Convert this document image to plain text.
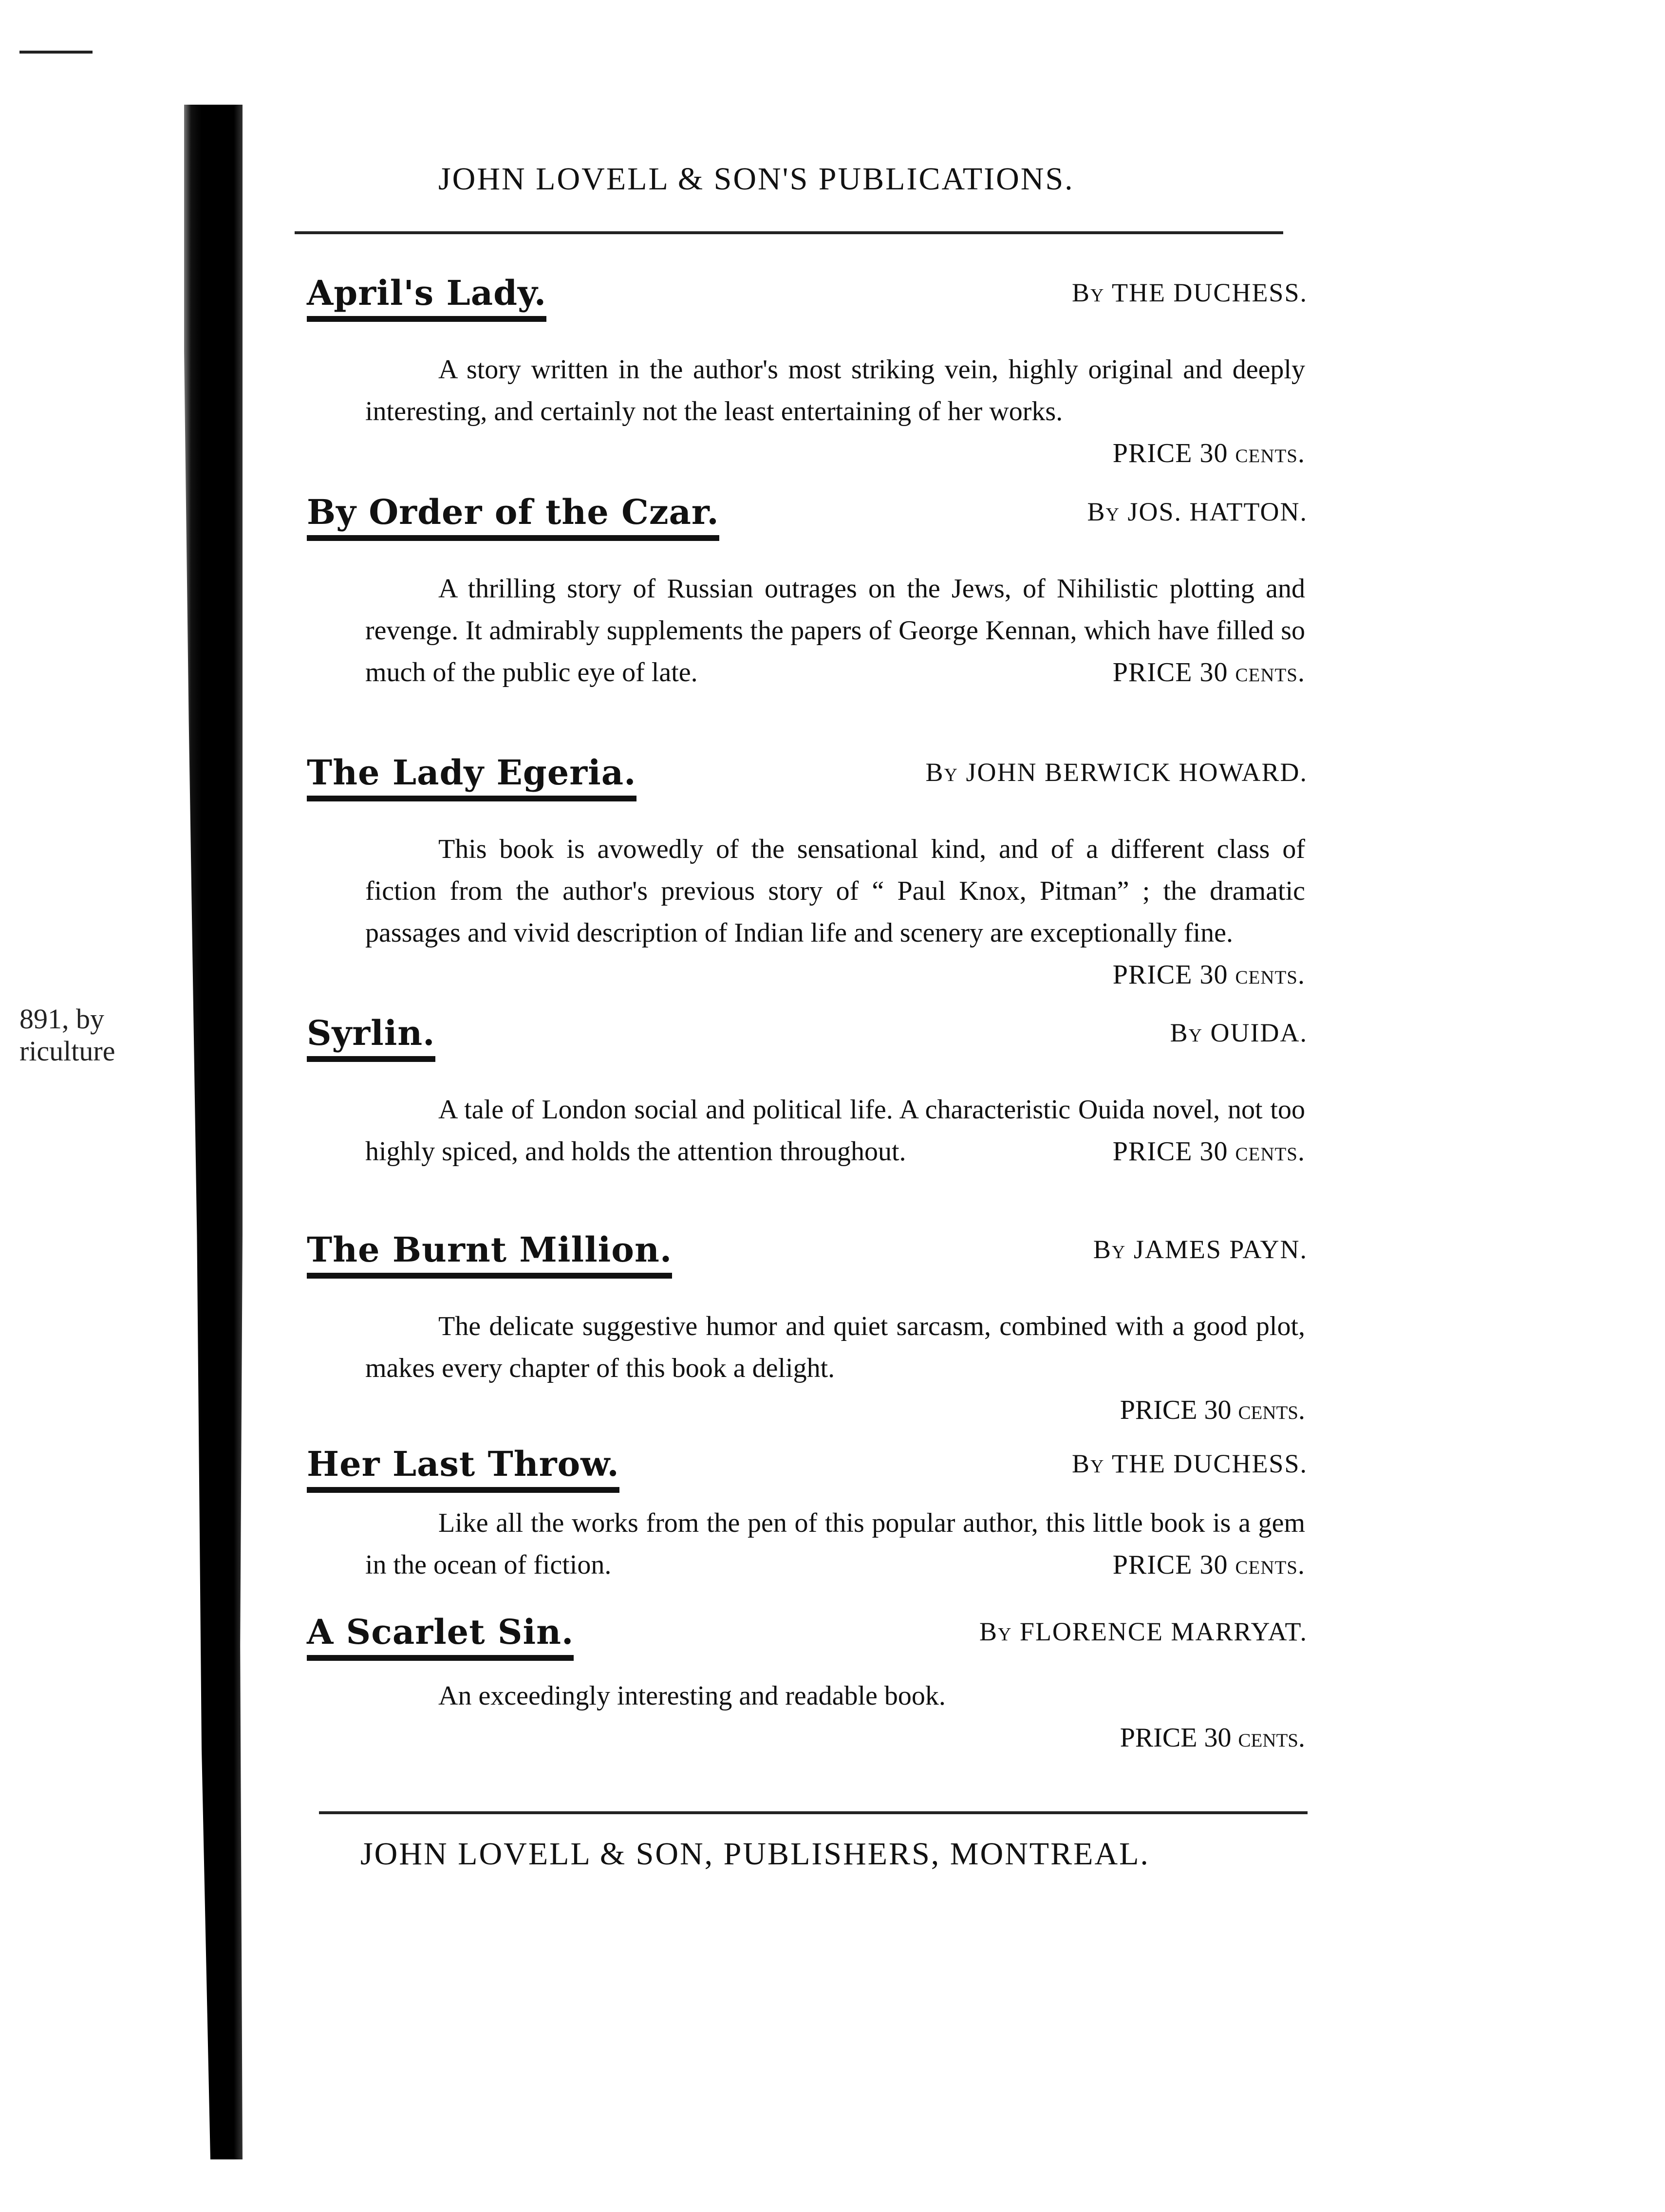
891, by
riculture
JOHN LOVELL & SON'S PUBLICATIONS.
April's Lady.	By THE DUCHESS.
A story written in the author's most striking vein, highly original and deeply interesting, and certainly not the least entertaining of her works.
PRICE 30 cents.
By Order of the Czar.	By JOS. HATTON.
A thrilling story of Russian outrages on the Jews, of Nihilistic plotting and revenge. It admirably supplements the papers of George Kennan, which have filled so much of the public eye of late.	PRICE 30 cents.
The Lady Egeria.	By JOHN BERWICK HOWARD.
This book is avowedly of the sensational kind, and of a different class of fiction from the author's previous story of “ Paul Knox, Pitman” ; the dramatic passages and vivid description of Indian life and scenery are exceptionally fine.
PRICE 30 cents.
Syrlin.	By OUIDA.
A tale of London social and political life. A characteristic Ouida novel, not too highly spiced, and holds the attention throughout.	PRICE 30 cents.
The Burnt Million.	By JAMES PAYN.
The delicate suggestive humor and quiet sarcasm, combined with a good plot, makes every chapter of this book a delight.
PRICE 30 cents.
Her Last Throw.	By THE DUCHESS.
Like all the works from the pen of this popular author, this little book is a gem in the ocean of fiction.	PRICE 30 cents.
A Scarlet Sin.	By FLORENCE MARRYAT.
An exceedingly interesting and readable book.
PRICE 30 cents.
JOHN LOVELL & SON, PUBLISHERS, MONTREAL.
